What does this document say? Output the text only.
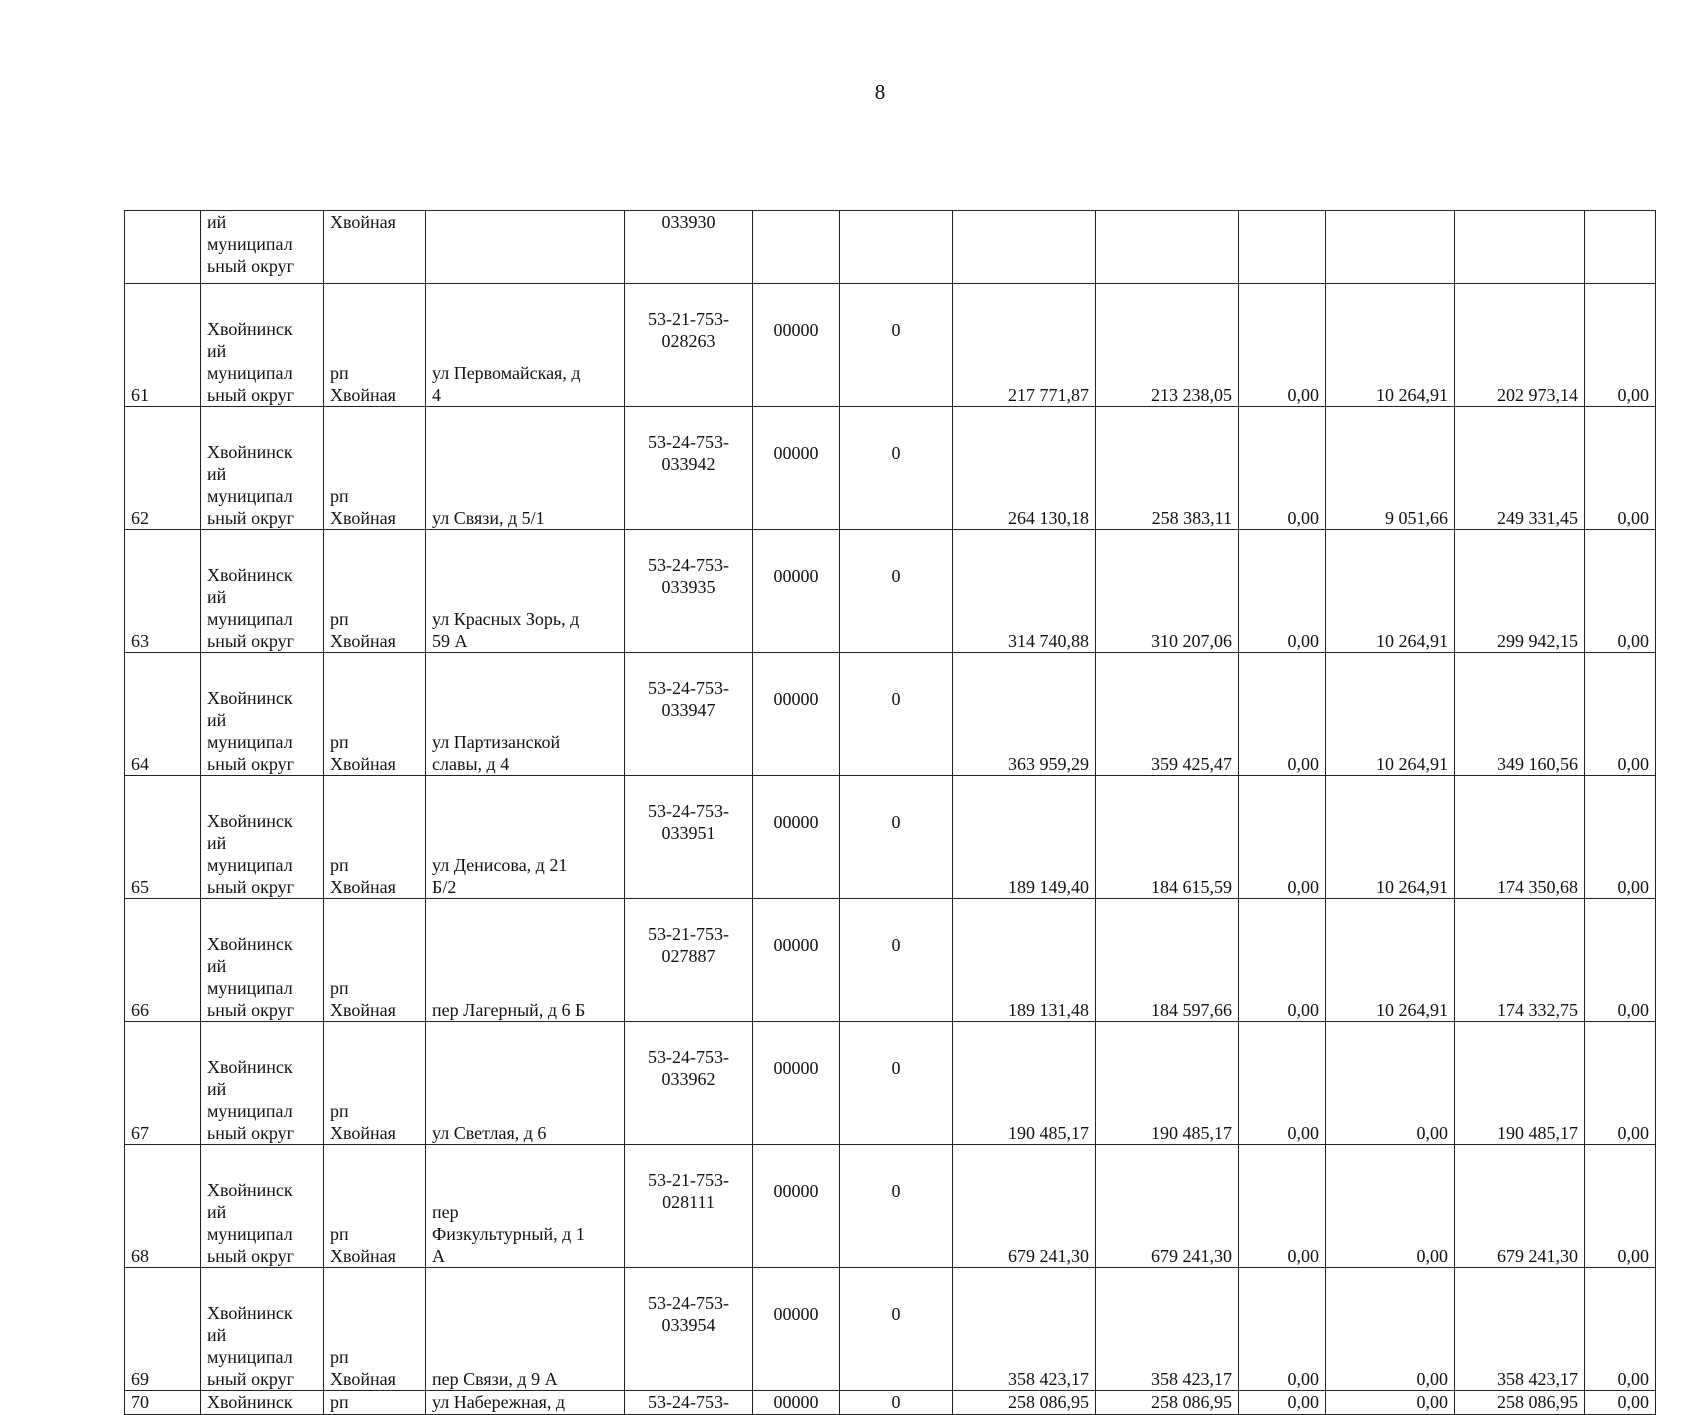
8

	ий
муниципал
ьный округ	Хвойная		033930								

61	Хвойнинск
ий
муниципал
ьный округ	рп
Хвойная	ул Первомайская, д
4	53-21-753-
028263	00000	0	217 771,87	213 238,05	0,00	10 264,91	202 973,14	0,00

62	Хвойнинск
ий
муниципал
ьный округ	рп
Хвойная	ул Связи, д 5/1	53-24-753-
033942	00000	0	264 130,18	258 383,11	0,00	9 051,66	249 331,45	0,00

63	Хвойнинск
ий
муниципал
ьный округ	рп
Хвойная	ул Красных Зорь, д
59 А	53-24-753-
033935	00000	0	314 740,88	310 207,06	0,00	10 264,91	299 942,15	0,00

64	Хвойнинск
ий
муниципал
ьный округ	рп
Хвойная	ул Партизанской
славы, д 4	53-24-753-
033947	00000	0	363 959,29	359 425,47	0,00	10 264,91	349 160,56	0,00

65	Хвойнинск
ий
муниципал
ьный округ	рп
Хвойная	ул Денисова, д 21
Б/2	53-24-753-
033951	00000	0	189 149,40	184 615,59	0,00	10 264,91	174 350,68	0,00

66	Хвойнинск
ий
муниципал
ьный округ	рп
Хвойная	пер Лагерный, д 6 Б	53-21-753-
027887	00000	0	189 131,48	184 597,66	0,00	10 264,91	174 332,75	0,00

67	Хвойнинск
ий
муниципал
ьный округ	рп
Хвойная	ул Светлая, д 6	53-24-753-
033962	00000	0	190 485,17	190 485,17	0,00	0,00	190 485,17	0,00

68	Хвойнинск
ий
муниципал
ьный округ	рп
Хвойная	пер
Физкультурный, д 1
А	53-21-753-
028111	00000	0	679 241,30	679 241,30	0,00	0,00	679 241,30	0,00

69	Хвойнинск
ий
муниципал
ьный округ	рп
Хвойная	пер Связи, д 9 А	53-24-753-
033954	00000	0	358 423,17	358 423,17	0,00	0,00	358 423,17	0,00

70	Хвойнинск	рп	ул Набережная, д	53-24-753-	00000	0	258 086,95	258 086,95	0,00	0,00	258 086,95	0,00
